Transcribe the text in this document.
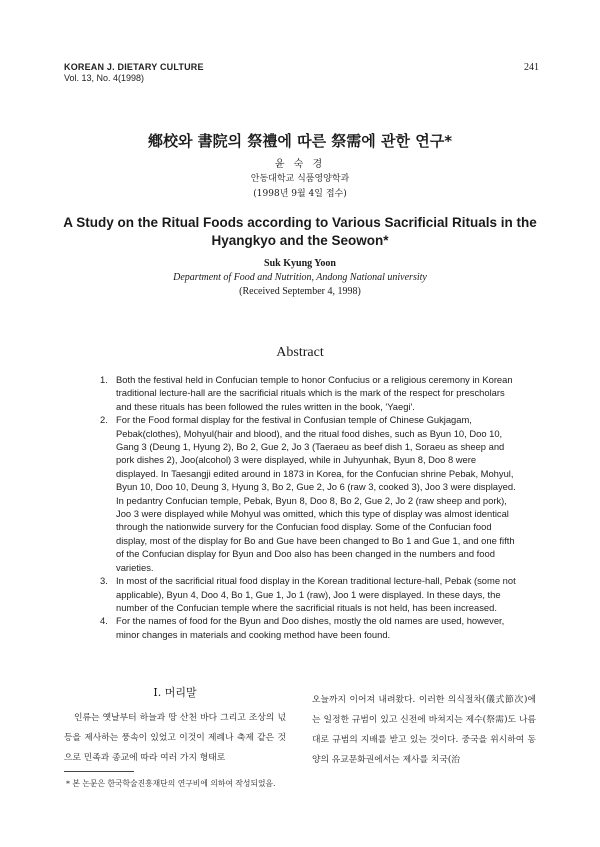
KOREAN J. DIETARY CULTURE
Vol. 13, No. 4(1998)
241
鄕校와 書院의 祭禮에 따른 祭需에 관한 연구*
윤 숙 경
안동대학교 식품영양학과
(1998년 9월 4일 접수)
A Study on the Ritual Foods according to Various Sacrificial Rituals in the Hyangkyo and the Seowon*
Suk Kyung Yoon
Department of Food and Nutrition, Andong National university
(Received September 4, 1998)
Abstract
1. Both the festival held in Confucian temple to honor Confucius or a religious ceremony in Korean traditional lecture-hall are the sacrificial rituals which is the mark of the respect for prescholars and these rituals has been followed the rules written in the book, 'Yaegi'.
2. For the Food formal display for the festival in Confusian temple of Chinese Gukjagam, Pebak(clothes), Mohyul(hair and blood), and the ritual food dishes, such as Byun 10, Doo 10, Gang 3 (Deung 1, Hyung 2), Bo 2, Gue 2, Jo 3 (Taeraeu as beef dish 1, Soraeu as sheep and pork dishes 2), Joo(alcohol) 3 were displayed, while in Juhyunhak, Byun 8, Doo 8 were displayed. In Taesangji edited around in 1873 in Korea, for the Confucian shrine Pebak, Mohyul, Byun 10, Doo 10, Deung 3, Hyung 3, Bo 2, Gue 2, Jo 6 (raw 3, cooked 3), Joo 3 were displayed. In pedantry Confucian temple, Pebak, Byun 8, Doo 8, Bo 2, Gue 2, Jo 2 (raw sheep and pork), Joo 3 were displayed while Mohyul was omitted, which this type of display was almost identical through the nationwide survery for the Confucian food display. Some of the Confucian food display, most of the display for Bo and Gue have been changed to Bo 1 and Gue 1, and one fifth of the Confucian display for Byun and Doo also has been changed in the numbers and food varieties.
3. In most of the sacrificial ritual food display in the Korean traditional lecture-hall, Pebak (some not applicable), Byun 4, Doo 4, Bo 1, Gue 1, Jo 1 (raw), Joo 1 were displayed. In these days, the number of the Confucian temple where the sacrificial rituals is not held, has been increased.
4. For the names of food for the Byun and Doo dishes, mostly the old names are used, however, minor changes in materials and cooking method have been found.
I. 머리말
인류는 옛날부터 하늘과 땅 산천 바다 그리고 조상의 넋 등을 제사하는 풍속이 있었고 이것이 제례나 축제 같은 것으로 민족과 종교에 따라 여러 가지 형태로
오늘까지 이어져 내려왔다. 이러한 의식절차(儀式節次)에는 일정한 규범이 있고 신전에 바쳐지는 제수(祭需)도 나름대로 규범의 지배를 받고 있는 것이다. 중국을 위시하여 동양의 유교문화권에서는 제사를 치국(治
* 본 논문은 한국학술진흥재단의 연구비에 의하여 작성되었음.
